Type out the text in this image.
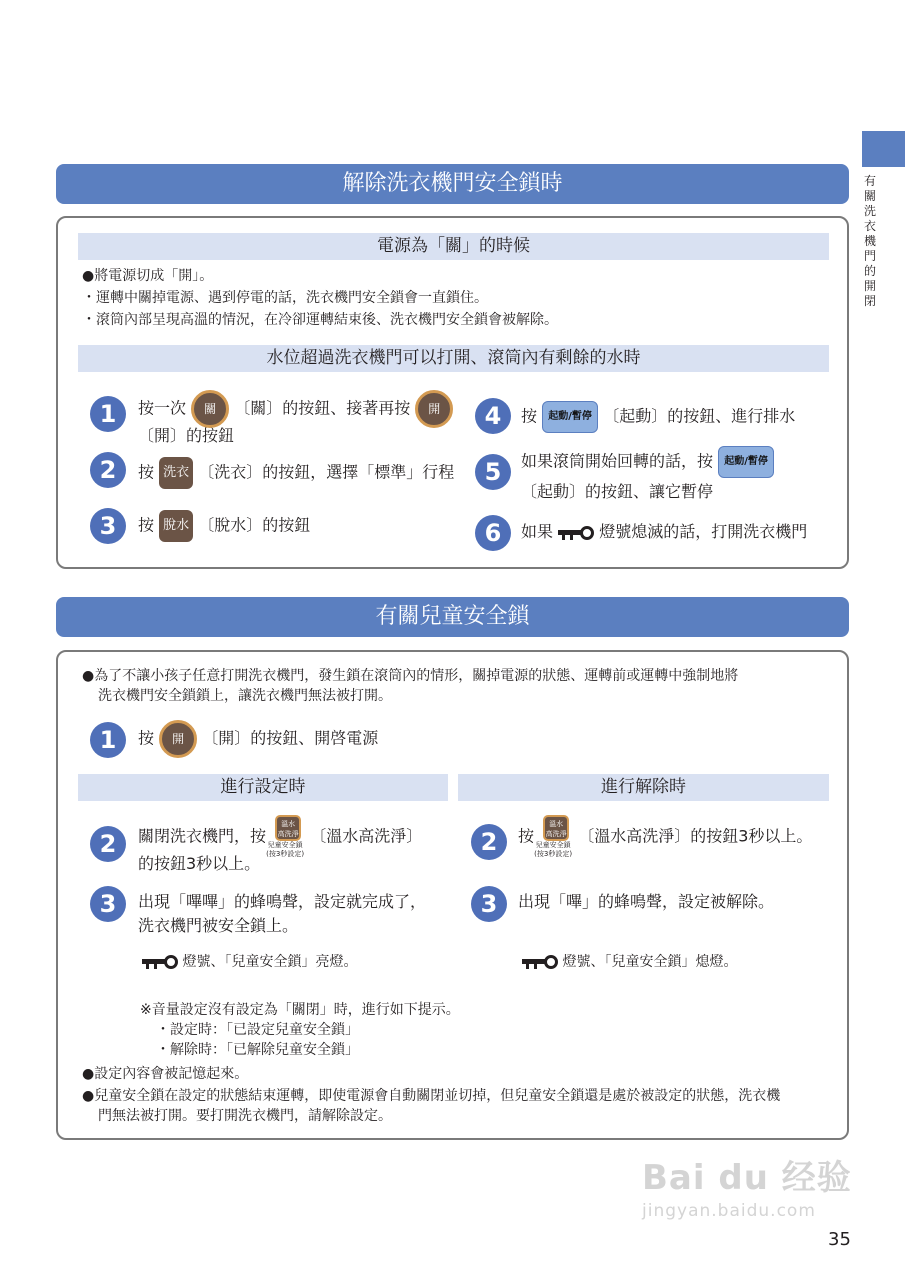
有關洗衣機門的開閉
解除洗衣機門安全鎖時
電源為「關」的時候
●將電源切成「開」。
・運轉中關掉電源、遇到停電的話，洗衣機門安全鎖會一直鎖住。
・滾筒內部呈現高溫的情況，在冷卻運轉結束後、洗衣機門安全鎖會被解除。
水位超過洗衣機門可以打開、滾筒內有剩餘的水時
1	按一次 關 〔關〕的按鈕、接著再按 開
〔開〕的按鈕
2	按 洗衣 〔洗衣〕的按鈕，選擇「標準」行程
3	按 脫水 〔脫水〕的按鈕
4	按 起動/暫停 〔起動〕的按鈕、進行排水
5	如果滾筒開始回轉的話，按 起動/暫停
〔起動〕的按鈕、讓它暫停
6	如果	燈號熄滅的話，打開洗衣機門
有關兒童安全鎖
●為了不讓小孩子任意打開洗衣機門，發生鎖在滾筒內的情形，關掉電源的狀態、運轉前或運轉中強制地將
洗衣機門安全鎖鎖上，讓洗衣機門無法被打開。
1	按 開 〔開〕的按鈕、開啓電源
進行設定時	進行解除時
2	關閉洗衣機門，按
溫水
高洗淨
兒童安全鎖
(按3秒設定)
〔溫水高洗淨〕
的按鈕3秒以上。
3	出現「嗶嗶」的蜂鳴聲，設定就完成了，
洗衣機門被安全鎖上。
燈號、「兒童安全鎖」亮燈。
2	按
溫水
高洗淨
兒童安全鎖
(按3秒設定)
〔溫水高洗淨〕的按鈕3秒以上。
3	出現「嗶」的蜂鳴聲，設定被解除。
燈號、「兒童安全鎖」熄燈。
※音量設定沒有設定為「關閉」時，進行如下提示。
・設定時：「已設定兒童安全鎖」
・解除時：「已解除兒童安全鎖」
●設定內容會被記憶起來。
●兒童安全鎖在設定的狀態結束運轉，即使電源會自動關閉並切掉，但兒童安全鎖還是處於被設定的狀態，洗衣機
門無法被打開。要打開洗衣機門，請解除設定。
Bai du 经验
jingyan.baidu.com
35
